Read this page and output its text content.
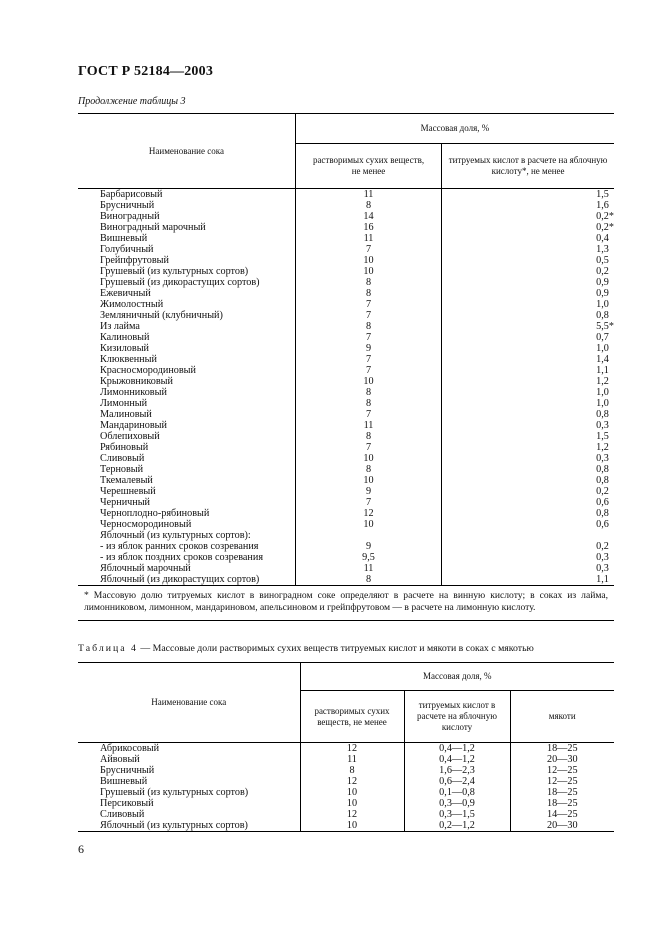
ГОСТ Р 52184—2003
Продолжение таблицы 3
Наименование сока	Массовая доля, %	
	растворимых сухих веществ, не менее	титруемых кислот в расчете на яблочную кислоту*, не менее
Барбарисовый	11	1,5
Брусничный	8	1,6
Виноградный	14	0,2*
Виноградный марочный	16	0,2*
Вишневый	11	0,4
Голубичный	7	1,3
Грейпфрутовый	10	0,5
Грушевый (из культурных сортов)	10	0,2
Грушевый (из дикорастущих сортов)	8	0,9
Ежевичный	8	0,9
Жимолостный	7	1,0
Земляничный (клубничный)	7	0,8
Из лайма	8	5,5*
Калиновый	7	0,7
Кизиловый	9	1,0
Клюквенный	7	1,4
Красносмородиновый	7	1,1
Крыжовниковый	10	1,2
Лимонниковый	8	1,0
Лимонный	8	1,0
Малиновый	7	0,8
Мандариновый	11	0,3
Облепиховый	8	1,5
Рябиновый	7	1,2
Сливовый	10	0,3
Терновый	8	0,8
Ткемалевый	10	0,8
Черешневый	9	0,2
Черничный	7	0,6
Черноплодно-рябиновый	12	0,8
Черносмородиновый	10	0,6
Яблочный (из культурных сортов):		
- из яблок ранних сроков созревания	9	0,2
- из яблок поздних сроков созревания	9,5	0,3
Яблочный марочный	11	0,3
Яблочный (из дикорастущих сортов)	8	1,1
* Массовую долю титруемых кислот в виноградном соке определяют в расчете на винную кислоту; в соках из лайма, лимонниковом, лимонном, мандариновом, апельсиновом и грейпфрутовом — в расчете на лимонную кислоту.		
Таблица 4 — Массовые доли растворимых сухих веществ титруемых кислот и мякоти в соках с мякотью
Наименование сока	Массовая доля, %		
	растворимых сухих веществ, не менее	титруемых кислот в расчете на яблочную кислоту	мякоти
Абрикосовый	12	0,4—1,2	18—25
Айвовый	11	0,4—1,2	20—30
Брусничный	8	1,6—2,3	12—25
Вишневый	12	0,6—2,4	12—25
Грушевый (из культурных сортов)	10	0,1—0,8	18—25
Персиковый	10	0,3—0,9	18—25
Сливовый	12	0,3—1,5	14—25
Яблочный (из культурных сортов)	10	0,2—1,2	20—30
6
